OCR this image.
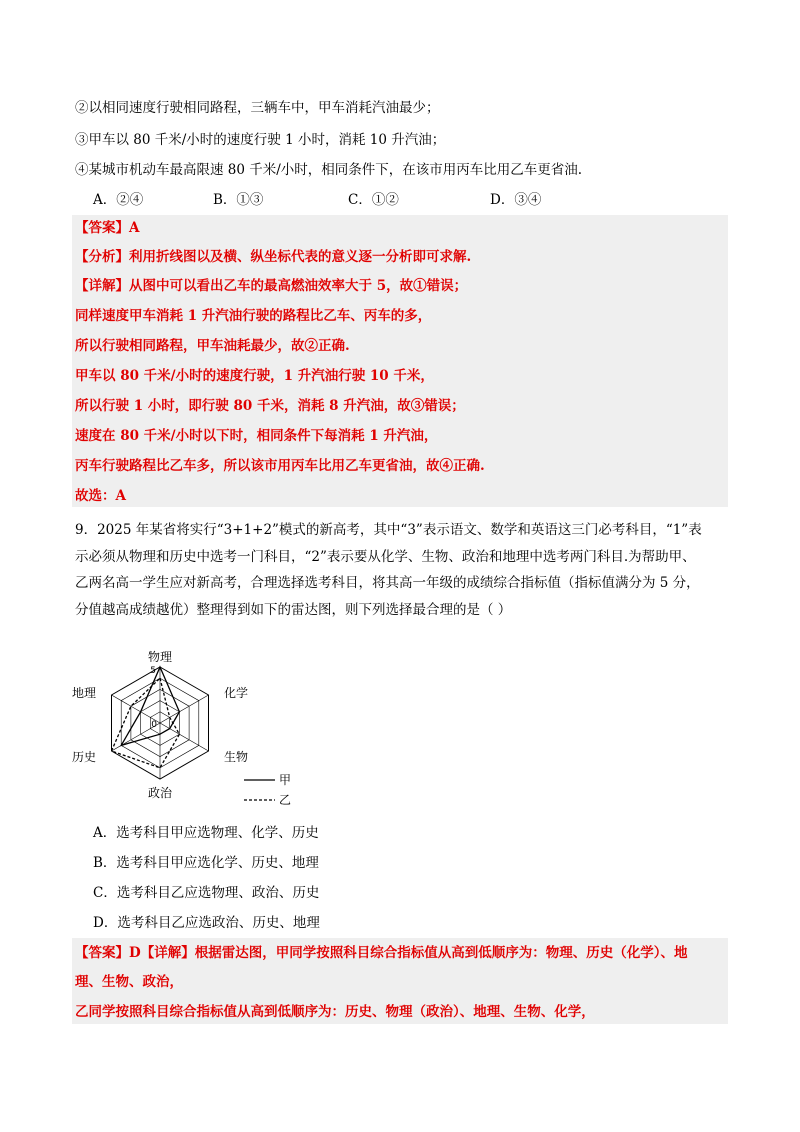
②以相同速度行驶相同路程，三辆车中，甲车消耗汽油最少；
③甲车以 80 千米/小时的速度行驶 1 小时，消耗 10 升汽油；
④某城市机动车最高限速 80 千米/小时，相同条件下，在该市用丙车比用乙车更省油.
A．②④	B．①③	C．①②	D．③④
【答案】A
【分析】利用折线图以及横、纵坐标代表的意义逐一分析即可求解.
【详解】从图中可以看出乙车的最高燃油效率大于 5，故①错误；
同样速度甲车消耗 1 升汽油行驶的路程比乙车、丙车的多，
所以行驶相同路程，甲车油耗最少，故②正确.
甲车以 80 千米/小时的速度行驶，1 升汽油行驶 10 千米，
所以行驶 1 小时，即行驶 80 千米，消耗 8 升汽油，故③错误；
速度在 80 千米/小时以下时，相同条件下每消耗 1 升汽油，
丙车行驶路程比乙车多，所以该市用丙车比用乙车更省油，故④正确.
故选：A
9．2025 年某省将实行“3+1+2”模式的新高考，其中“3”表示语文、数学和英语这三门必考科目，“1”表
示必须从物理和历史中选考一门科目，“2”表示要从化学、生物、政治和地理中选考两门科目.为帮助甲、
乙两名高一学生应对新高考，合理选择选考科目，将其高一年级的成绩综合指标值（指标值满分为 5 分，
分值越高成绩越优）整理得到如下的雷达图，则下列选择最合理的是（ ）
物理
化学
生物
政治
历史
地理
0
5
甲
乙
A．选考科目甲应选物理、化学、历史
B．选考科目甲应选化学、历史、地理
C．选考科目乙应选物理、政治、历史
D．选考科目乙应选政治、历史、地理
【答案】D【详解】根据雷达图，甲同学按照科目综合指标值从高到低顺序为：物理、历史（化学）、地
理、生物、政治，
乙同学按照科目综合指标值从高到低顺序为：历史、物理（政治）、地理、生物、化学，
